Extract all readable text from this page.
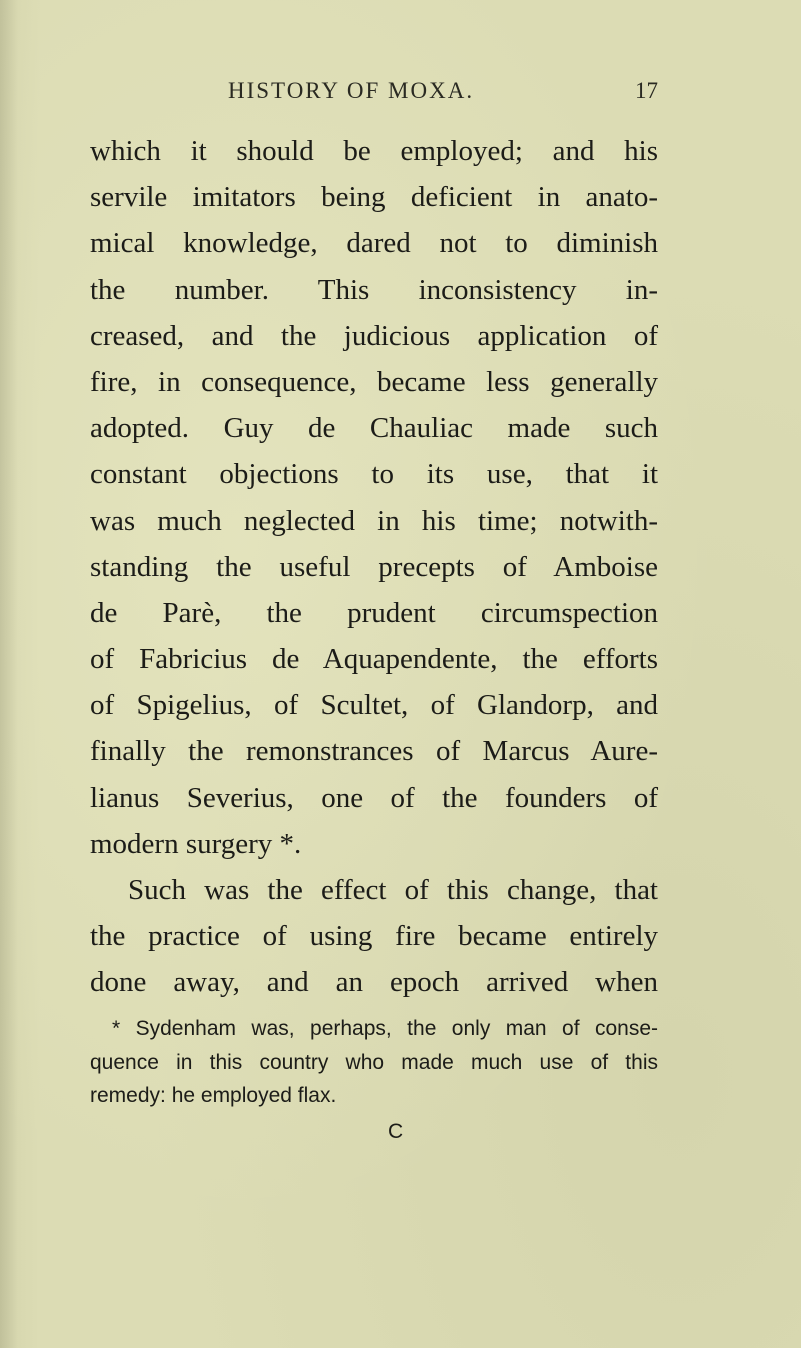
HISTORY OF MOXA.	17
which it should be employed; and his
servile imitators being deficient in anato-
mical knowledge, dared not to diminish
the number. This inconsistency in-
creased, and the judicious application of
fire, in consequence, became less generally
adopted. Guy de Chauliac made such
constant objections to its use, that it
was much neglected in his time; notwith-
standing the useful precepts of Amboise
de Parè, the prudent circumspection
of Fabricius de Aquapendente, the efforts
of Spigelius, of Scultet, of Glandorp, and
finally the remonstrances of Marcus Aure-
lianus Severius, one of the founders of
modern surgery *.
Such was the effect of this change, that
the practice of using fire became entirely
done away, and an epoch arrived when
* Sydenham was, perhaps, the only man of conse-
quence in this country who made much use of this
remedy: he employed flax.
C
